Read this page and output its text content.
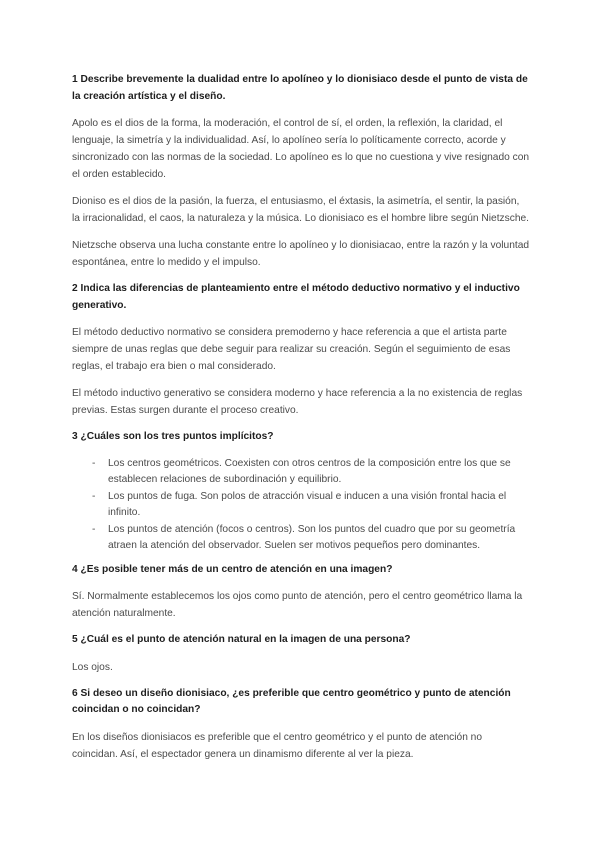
1 Describe brevemente la dualidad entre lo apolíneo y lo dionisiaco desde el punto de vista de la creación artística y el diseño.
Apolo es el dios de la forma, la moderación, el control de sí, el orden, la reflexión, la claridad, el lenguaje, la simetría y la individualidad. Así, lo apolíneo sería lo políticamente correcto, acorde y sincronizado con las normas de la sociedad. Lo apolíneo es lo que no cuestiona y vive resignado con el orden establecido.
Dioniso es el dios de la pasión, la fuerza, el entusiasmo, el éxtasis, la asimetría, el sentir, la pasión, la irracionalidad, el caos, la naturaleza y la música. Lo dionisiaco es el hombre libre según Nietzsche.
Nietzsche observa una lucha constante entre lo apolíneo y lo dionisiacao, entre la razón y la voluntad espontánea, entre lo medido y el impulso.
2 Indica las diferencias de planteamiento entre el método deductivo normativo y el inductivo generativo.
El método deductivo normativo se considera premoderno y hace referencia a que el artista parte siempre de unas reglas que debe seguir para realizar su creación. Según el seguimiento de esas reglas, el trabajo era bien o mal considerado.
El método inductivo generativo se considera moderno y hace referencia a la no existencia de reglas previas. Estas surgen durante el proceso creativo.
3 ¿Cuáles son los tres puntos implícitos?
- Los centros geométricos. Coexisten con otros centros de la composición entre los que se establecen relaciones de subordinación y equilibrio.
- Los puntos de fuga. Son polos de atracción visual e inducen a una visión frontal hacia el infinito.
- Los puntos de atención (focos o centros). Son los puntos del cuadro que por su geometría atraen la atención del observador. Suelen ser motivos pequeños pero dominantes.
4 ¿Es posible tener más de un centro de atención en una imagen?
Sí. Normalmente establecemos los ojos como punto de atención, pero el centro geométrico llama la atención naturalmente.
5 ¿Cuál es el punto de atención natural en la imagen de una persona?
Los ojos.
6 Si deseo un diseño dionisiaco, ¿es preferible que centro geométrico y punto de atención coincidan o no coincidan?
En los diseños dionisiacos es preferible que el centro geométrico y el punto de atención no coincidan. Así, el espectador genera un dinamismo diferente al ver la pieza.
